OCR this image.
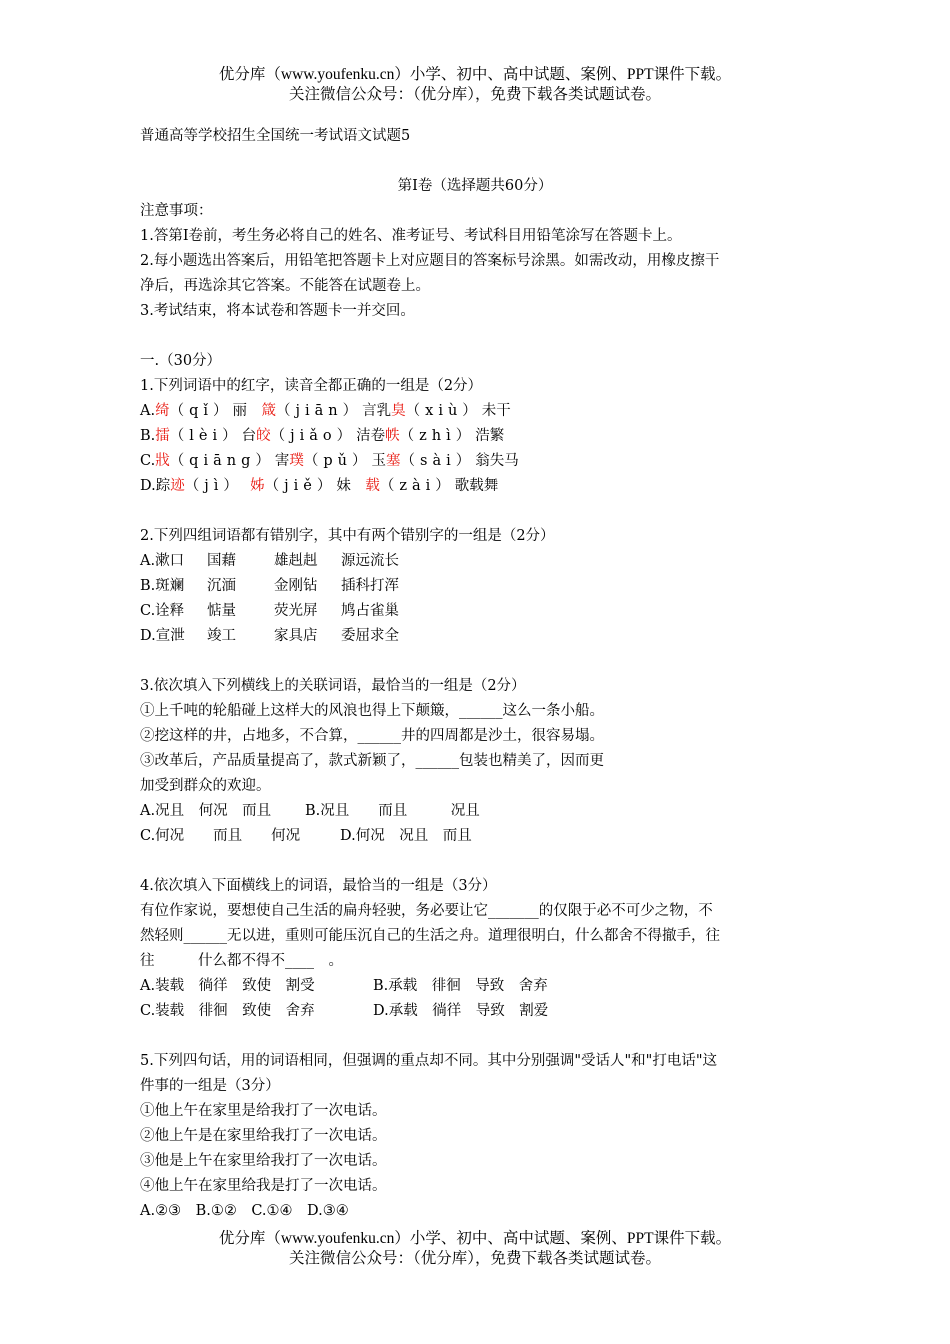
优分库（www.youfenku.cn）小学、初中、高中试题、案例、PPT课件下载。
关注微信公众号：（优分库），免费下载各类试题试卷。
普通高等学校招生全国统一考试语文试题5
第Ⅰ卷（选择题共60分）
注意事项：
1.答第Ⅰ卷前，考生务必将自己的姓名、准考证号、考试科目用铅笔涂写在答题卡上。
2.每小题选出答案后，用铅笔把答题卡上对应题目的答案标号涂黑。如需改动，用橡皮擦干
净后，再选涂其它答案。不能答在试题卷上。
3.考试结束，将本试卷和答题卡一并交回。
一.（30分）
1.下列词语中的红字，读音全都正确的一组是（2分）
A.绮（qǐ）丽　箴（jiān）言乳臭（xiù）未干
B.擂（lèi）台皎（jiǎo）洁卷帙（zhì）浩繁
C.戕（qiāng）害璞（pǔ）玉塞（sài）翁失马
D.踪迹（jì）　 姊（jiě）妹　载（zài）歌载舞
2.下列四组词语都有错别字，其中有两个错别字的一组是（2分）
A.漱口 国藉	雄赳赳 源远流长
B.斑斓 沉湎	金刚钻 插科打浑
C.诠释 惦量	荧光屏 鸠占雀巢
D.宣泄 竣工	家具店 委屈求全
3.依次填入下列横线上的关联词语，最恰当的一组是（2分）
①上千吨的轮船碰上这样大的风浪也得上下颠簸，______这么一条小船。
②挖这样的井，占地多，不合算，______井的四周都是沙土，很容易塌。
③改革后，产品质量提高了，款式新颖了，______包装也精美了，因而更
加受到群众的欢迎。
A.况且　何况　而且 B.况且　　而且　　　况且
C.何况　　而且　　何况	D.何况　况且　而且
4.依次填入下面横线上的词语，最恰当的一组是（3分）
有位作家说，要想使自己生活的扁舟轻驶，务必要让它_______的仅限于必不可少之物，不
然轻则______无以进，重则可能压沉自己的生活之舟。道理很明白，什么都舍不得撤手，往
往　　　什么都不得不____　。
A.装载　徜徉　致使　割受	B.承载　徘徊　导致　舍弃
C.装载　徘徊　致使　舍弃	D.承载　徜徉　导致　割爱
5.下列四句话，用的词语相同，但强调的重点却不同。其中分别强调"受话人"和"打电话"这
件事的一组是（3分）
①他上午在家里是给我打了一次电话。
②他上午是在家里给我打了一次电话。
③他是上午在家里给我打了一次电话。
④他上午在家里给我是打了一次电话。
A.②③　B.①②　C.①④　D.③④
优分库（www.youfenku.cn）小学、初中、高中试题、案例、PPT课件下载。
关注微信公众号：（优分库），免费下载各类试题试卷。
